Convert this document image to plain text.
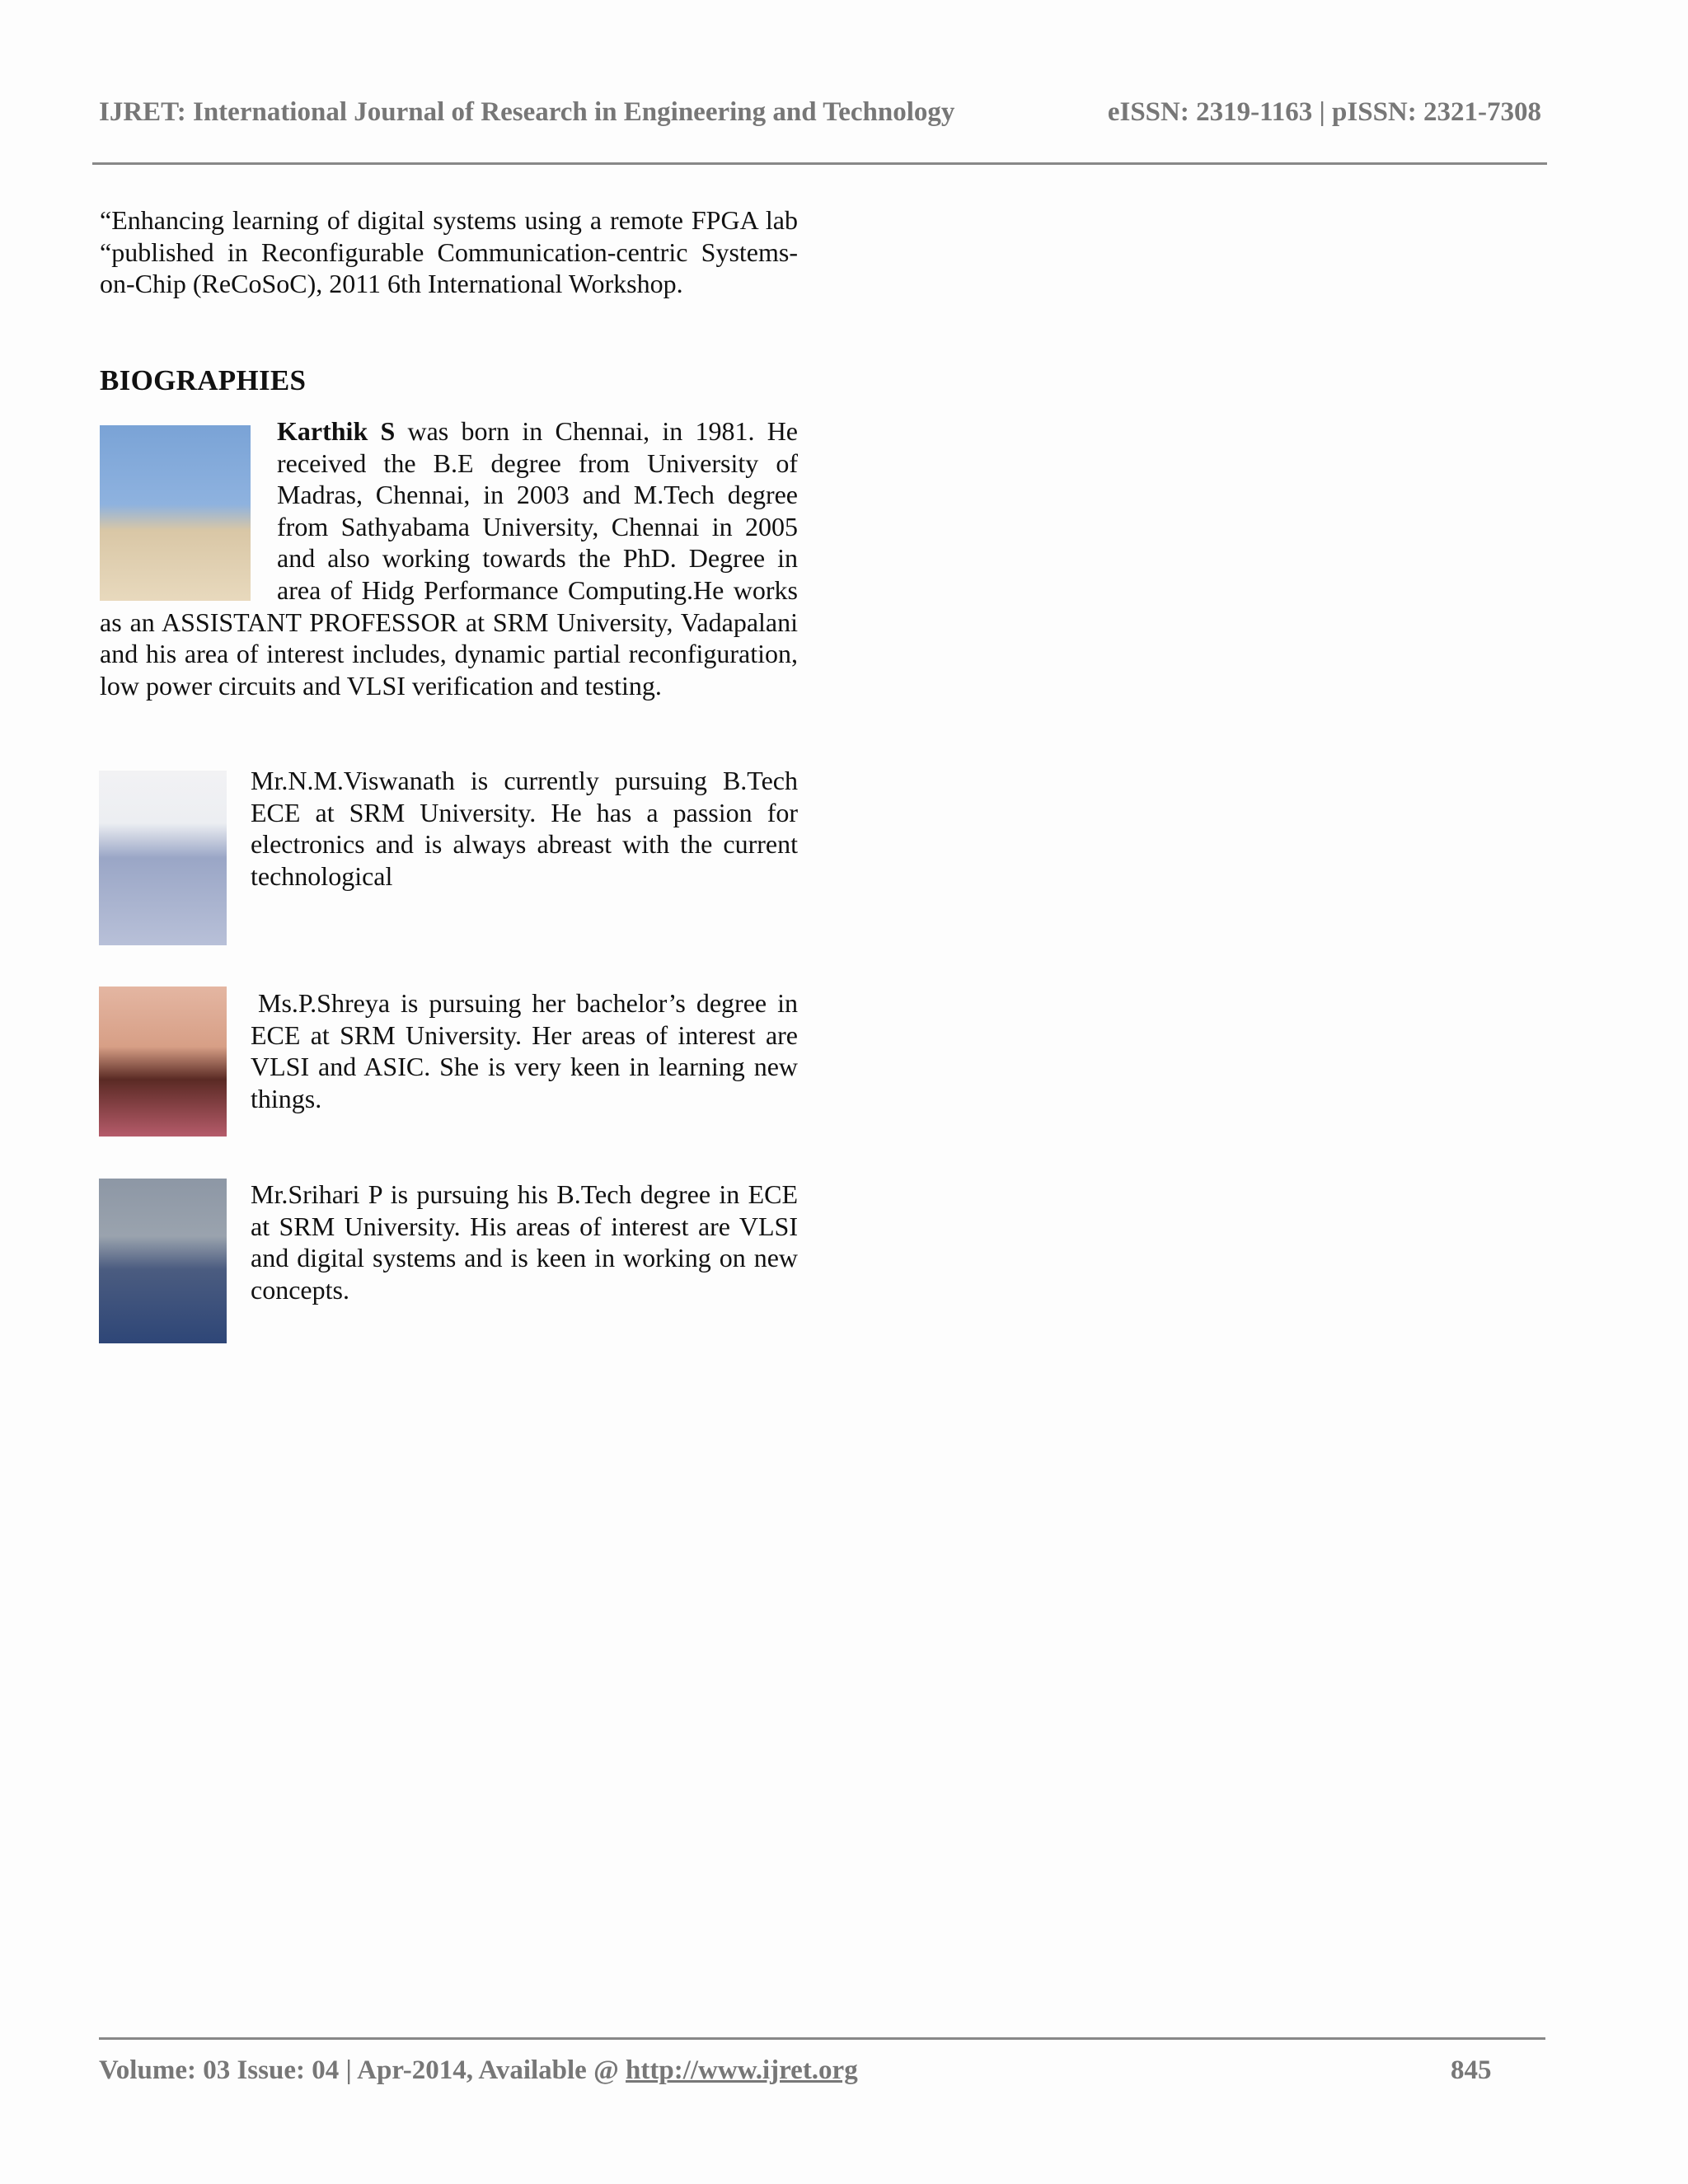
IJRET: International Journal of Research in Engineering and Technology	eISSN: 2319-1163 | pISSN: 2321-7308
“Enhancing learning of digital systems using a remote FPGA lab “published in Reconfigurable Communication-centric Systems-on-Chip (ReCoSoC), 2011 6th International Workshop.
BIOGRAPHIES
Karthik S was born in Chennai, in 1981. He received the B.E degree from University of Madras, Chennai, in 2003 and M.Tech degree from Sathyabama University, Chennai in 2005 and also working towards the PhD. Degree in area of Hidg Performance Computing.He works as an ASSISTANT PROFESSOR at SRM University, Vadapalani and his area of interest includes, dynamic partial reconfiguration, low power circuits and VLSI verification and testing.
Mr.N.M.Viswanath is currently pursuing B.Tech ECE at SRM University. He has a passion for electronics and is always abreast with the current technological
Ms.P.Shreya is pursuing her bachelor’s degree in ECE at SRM University. Her areas of interest are VLSI and ASIC. She is very keen in learning new things.
Mr.Srihari P is pursuing his B.Tech degree in ECE at SRM University. His areas of interest are VLSI and digital systems and is keen in working on new concepts.
Volume: 03 Issue: 04 | Apr-2014, Available @ http://www.ijret.org	845
